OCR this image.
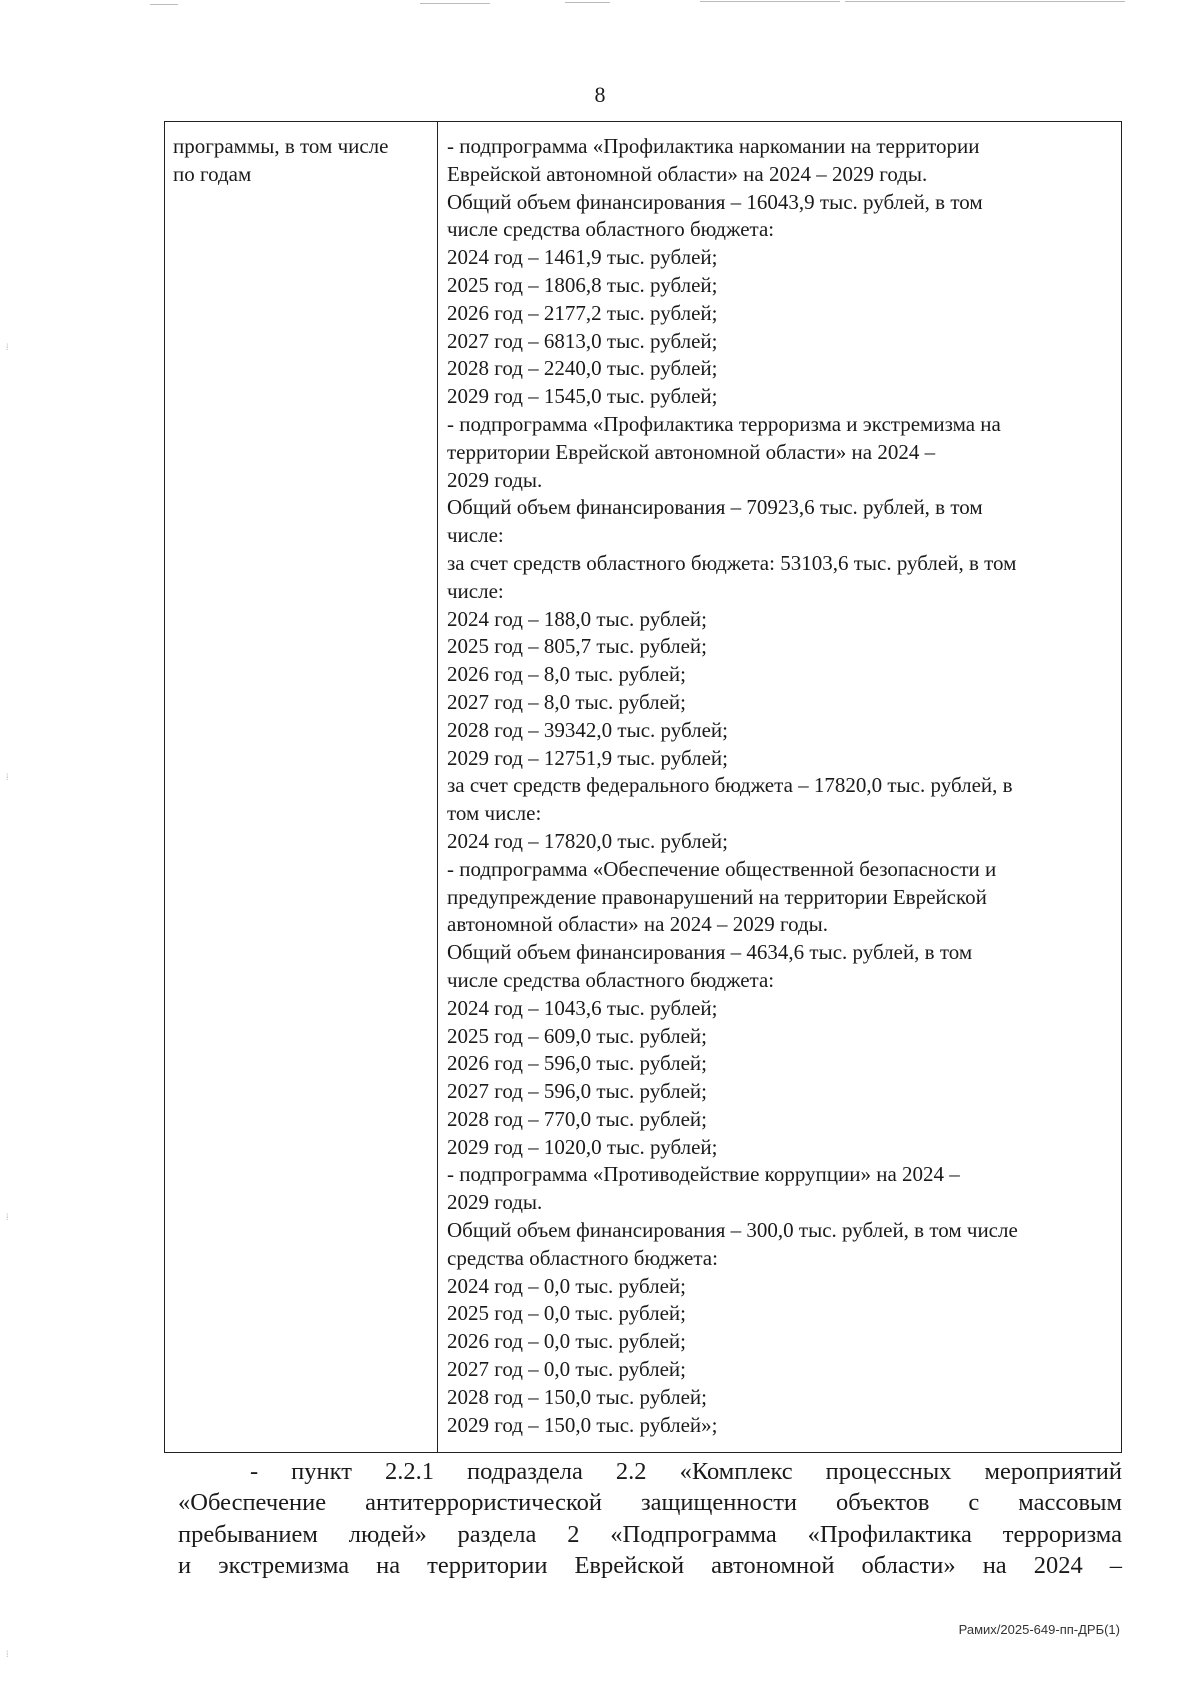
⁞
⁞
⁞
⁞
8
программы, в том числе
по годам
- подпрограмма «Профилактика наркомании на территории
Еврейской автономной области» на 2024 – 2029 годы.
Общий объем финансирования – 16043,9 тыс. рублей, в том
числе средства областного бюджета:
2024 год – 1461,9 тыс. рублей;
2025 год – 1806,8 тыс. рублей;
2026 год – 2177,2 тыс. рублей;
2027 год – 6813,0 тыс. рублей;
2028 год – 2240,0 тыс. рублей;
2029 год – 1545,0 тыс. рублей;
- подпрограмма «Профилактика терроризма и экстремизма на
территории Еврейской автономной области» на 2024 –
2029 годы.
Общий объем финансирования – 70923,6 тыс. рублей, в том
числе:
за счет средств областного бюджета: 53103,6 тыс. рублей, в том
числе:
2024 год – 188,0 тыс. рублей;
2025 год – 805,7 тыс. рублей;
2026 год – 8,0 тыс. рублей;
2027 год – 8,0 тыс. рублей;
2028 год – 39342,0 тыс. рублей;
2029 год – 12751,9 тыс. рублей;
за счет средств федерального бюджета – 17820,0 тыс. рублей, в
том числе:
2024 год – 17820,0 тыс. рублей;
- подпрограмма «Обеспечение общественной безопасности и
предупреждение правонарушений на территории Еврейской
автономной области» на 2024 – 2029 годы.
Общий объем финансирования – 4634,6 тыс. рублей, в том
числе средства областного бюджета:
2024 год – 1043,6 тыс. рублей;
2025 год – 609,0 тыс. рублей;
2026 год – 596,0 тыс. рублей;
2027 год – 596,0 тыс. рублей;
2028 год – 770,0 тыс. рублей;
2029 год – 1020,0 тыс. рублей;
- подпрограмма «Противодействие коррупции» на 2024 –
2029 годы.
Общий объем финансирования – 300,0 тыс. рублей, в том числе
средства областного бюджета:
2024 год – 0,0 тыс. рублей;
2025 год – 0,0 тыс. рублей;
2026 год – 0,0 тыс. рублей;
2027 год – 0,0 тыс. рублей;
2028 год – 150,0 тыс. рублей;
2029 год – 150,0 тыс. рублей»;
- пункт 2.2.1 подраздела 2.2 «Комплекс процессных мероприятий
«Обеспечение антитеррористической защищенности объектов с массовым
пребыванием людей» раздела 2 «Подпрограмма «Профилактика терроризма
и экстремизма на территории Еврейской автономной области» на 2024 –
Рамих/2025-649-пп-ДРБ(1)
